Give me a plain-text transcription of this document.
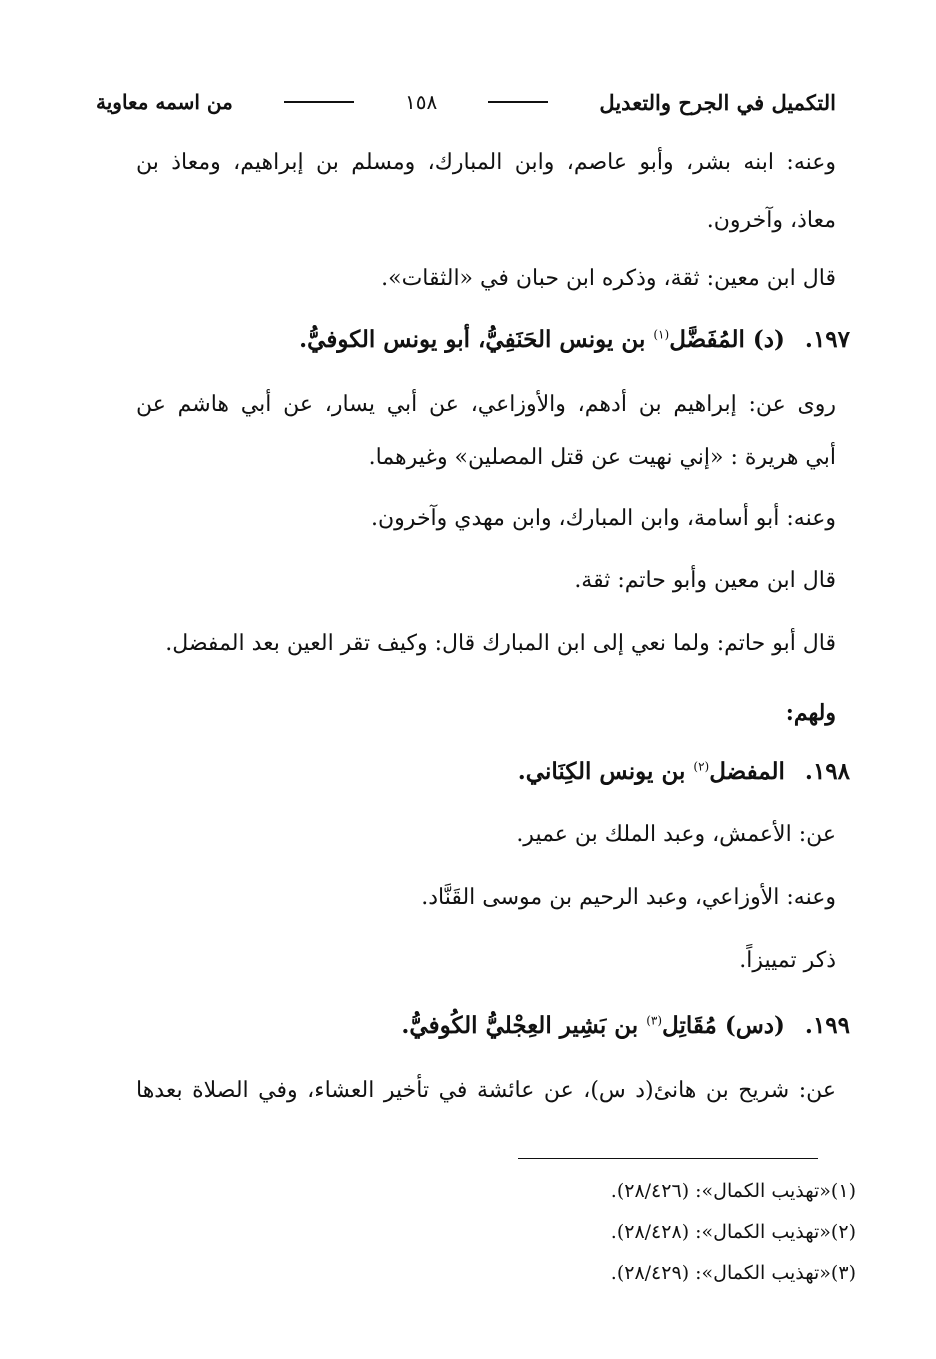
التكميل في الجرح والتعديل
١٥٨
من اسمه معاوية
وعنه: ابنه بشر، وأبو عاصم، وابن المبارك، ومسلم بن إبراهيم، ومعاذ بن
معاذ، وآخرون.
قال ابن معين: ثقة، وذكره ابن حبان في «الثقات».
١٩٧. (د) المُفَضَّل$^{(١)}$ بن يونس الحَنَفِيُّ، أبو يونس الكوفيُّ.
روى عن: إبراهيم بن أدهم، والأوزاعي، عن أبي يسار، عن أبي هاشم عن
أبي هريرة : «إني نهيت عن قتل المصلين» وغيرهما.
وعنه: أبو أسامة، وابن المبارك، وابن مهدي وآخرون.
قال ابن معين وأبو حاتم: ثقة.
قال أبو حاتم: ولما نعي إلى ابن المبارك قال: وكيف تقر العين بعد المفضل.
ولهم:
١٩٨. المفضل$^{(٢)}$ بن يونس الكِنَاني.
عن: الأعمش، وعبد الملك بن عمير.
وعنه: الأوزاعي، وعبد الرحيم بن موسى القَنَّاد.
ذكر تمييزاً.
١٩٩. (دس) مُقَاتِل$^{(٣)}$ بن بَشِير العِجْليُّ الكُوفيُّ.
عن: شريح بن هانئ(د س)، عن عائشة في تأخير العشاء، وفي الصلاة بعدها
(١)«تهذيب الكمال»: (٢٨/٤٢٦).
(٢)«تهذيب الكمال»: (٢٨/٤٢٨).
(٣)«تهذيب الكمال»: (٢٨/٤٢٩).
